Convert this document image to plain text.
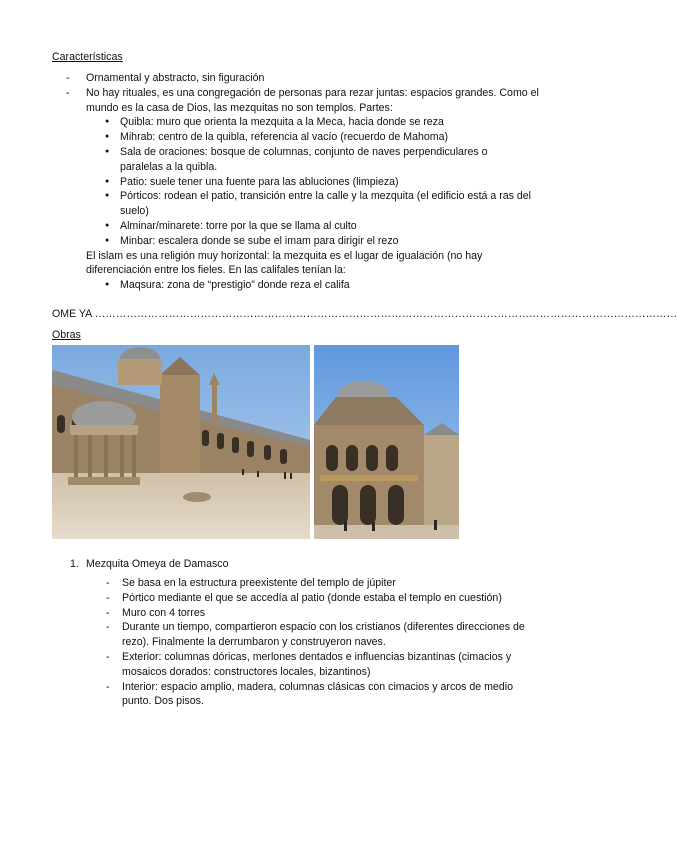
Características
- Ornamental y abstracto, sin figuración
- No hay rituales, es una congregación de personas para rezar juntas: espacios grandes. Como el mundo es la casa de Dios, las mezquitas no son templos. Partes:
● Quibla: muro que orienta la mezquita a la Meca, hacia donde se reza
● Mihrab: centro de la quibla, referencia al vacío (recuerdo de Mahoma)
● Sala de oraciones: bosque de columnas, conjunto de naves perpendiculares o paralelas a la quibla.
● Patio: suele tener una fuente para las abluciones (limpieza)
● Pórticos: rodean el patio, transición entre la calle y la mezquita (el edificio está a ras del suelo)
● Alminar/minarete: torre por la que se llama al culto
● Minbar: escalera donde se sube el imam para dirigir el rezo
El islam es una religión muy horizontal: la mezquita es el lugar de igualación (no hay diferenciación entre los fieles. En las califales tenían la:
● Maqsura: zona de “prestigio” donde reza el califa
OME YA …………………………………………………………………………………………………………………………………………………
Obras
1. Mezquita Omeya de Damasco
- Se basa en la estructura preexistente del templo de júpiter
- Pórtico mediante el que se accedía al patio (donde estaba el templo en cuestión)
- Muro con 4 torres
- Durante un tiempo, compartieron espacio con los cristianos (diferentes direcciones de rezo). Finalmente la derrumbaron y construyeron naves.
- Exterior: columnas dóricas, merlones dentados e influencias bizantinas (cimacios y mosaicos dorados: constructores locales, bizantinos)
- Interior: espacio amplio, madera, columnas clásicas con cimacios y arcos de medio punto. Dos pisos.
